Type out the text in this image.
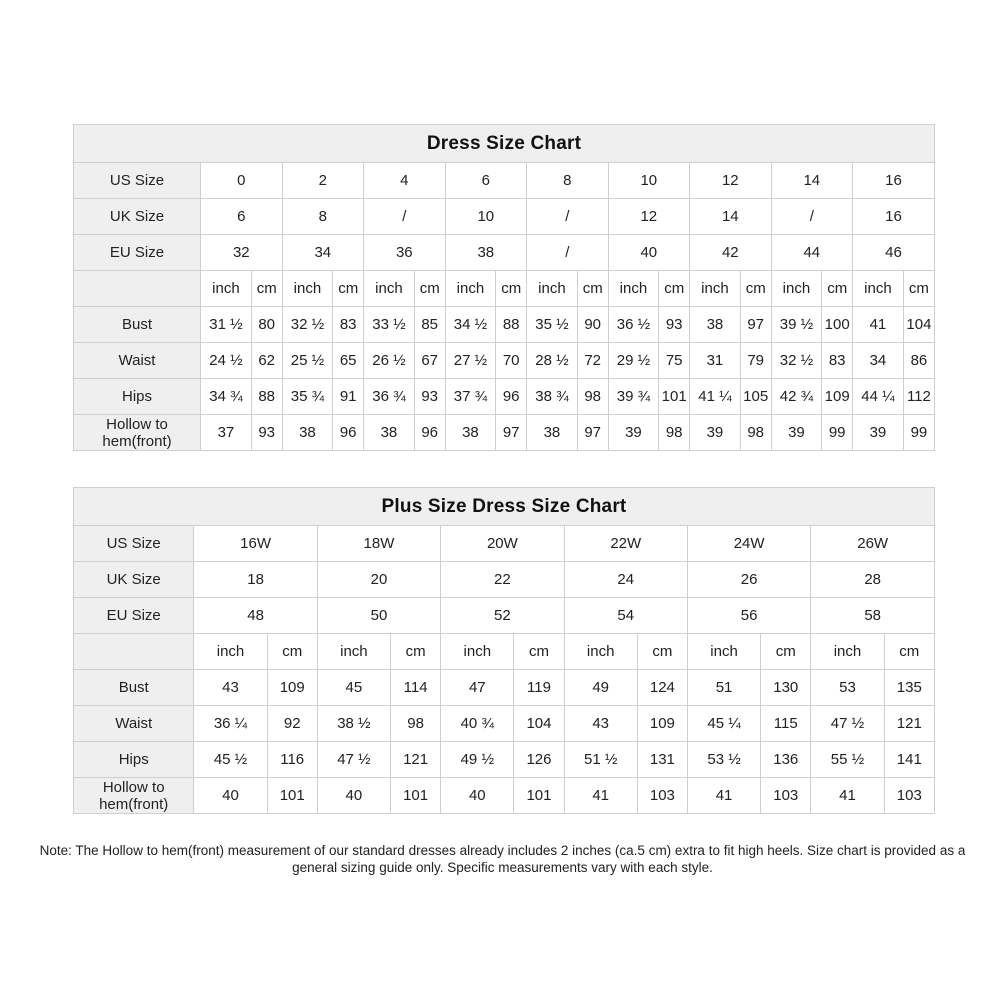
Dress Size Chart																		
US Size	0		2		4		6		8		10		12		14		16	
UK Size	6		8		/		10		/		12		14		/		16	
EU Size	32		34		36		38		/		40		42		44		46	
	inch	cm	inch	cm	inch	cm	inch	cm	inch	cm	inch	cm	inch	cm	inch	cm	inch	cm
Bust	31 ½	80	32 ½	83	33 ½	85	34 ½	88	35 ½	90	36 ½	93	38	97	39 ½	100	41	104
Waist	24 ½	62	25 ½	65	26 ½	67	27 ½	70	28 ½	72	29 ½	75	31	79	32 ½	83	34	86
Hips	34 ¾	88	35 ¾	91	36 ¾	93	37 ¾	96	38 ¾	98	39 ¾	101	41 ¼	105	42 ¾	109	44 ¼	112
Hollow to hem(front)	37	93	38	96	38	96	38	97	38	97	39	98	39	98	39	99	39	99
Plus Size Dress Size Chart												
US Size	16W		18W		20W		22W		24W		26W	
UK Size	18		20		22		24		26		28	
EU Size	48		50		52		54		56		58	
	inch	cm	inch	cm	inch	cm	inch	cm	inch	cm	inch	cm
Bust	43	109	45	114	47	119	49	124	51	130	53	135
Waist	36 ¼	92	38 ½	98	40 ¾	104	43	109	45 ¼	115	47 ½	121
Hips	45 ½	116	47 ½	121	49 ½	126	51 ½	131	53 ½	136	55 ½	141
Hollow to hem(front)	40	101	40	101	40	101	41	103	41	103	41	103
Note: The Hollow to hem(front) measurement of our standard dresses already includes 2 inches (ca.5 cm) extra to fit high heels. Size chart is provided as a general sizing guide only. Specific measurements vary with each style.
